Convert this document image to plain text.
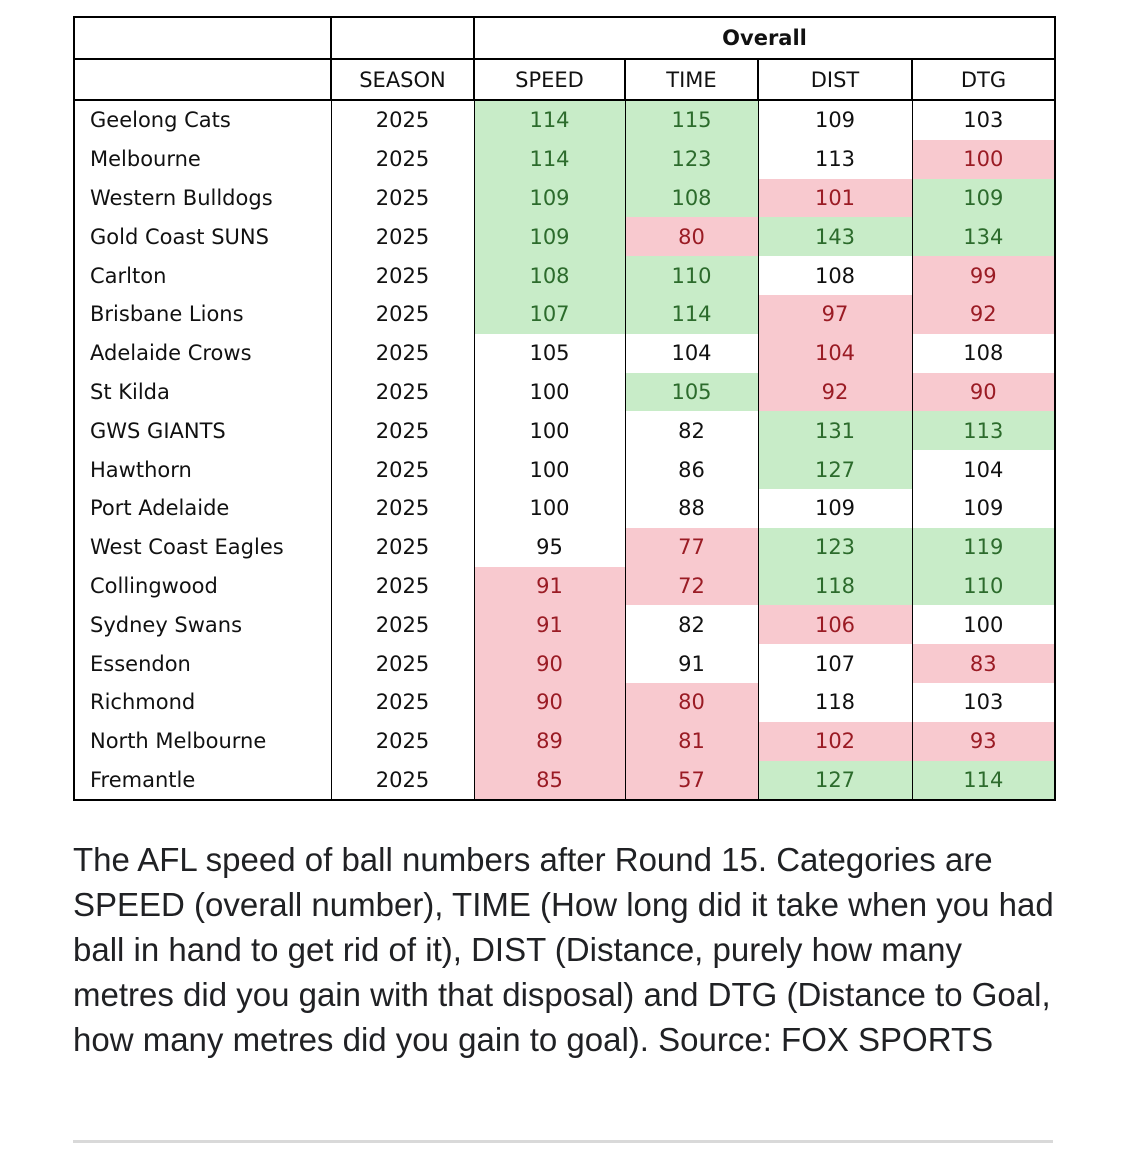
		Overall			
	SEASON	SPEED	TIME	DIST	DTG
Geelong Cats	2025	114	115	109	103
Melbourne	2025	114	123	113	100
Western Bulldogs	2025	109	108	101	109
Gold Coast SUNS	2025	109	80	143	134
Carlton	2025	108	110	108	99
Brisbane Lions	2025	107	114	97	92
Adelaide Crows	2025	105	104	104	108
St Kilda	2025	100	105	92	90
GWS GIANTS	2025	100	82	131	113
Hawthorn	2025	100	86	127	104
Port Adelaide	2025	100	88	109	109
West Coast Eagles	2025	95	77	123	119
Collingwood	2025	91	72	118	110
Sydney Swans	2025	91	82	106	100
Essendon	2025	90	91	107	83
Richmond	2025	90	80	118	103
North Melbourne	2025	89	81	102	93
Fremantle	2025	85	57	127	114

The AFL speed of ball numbers after Round 15. Categories are SPEED (overall number), TIME (How long did it take when you had ball in hand to get rid of it), DIST (Distance, purely how many metres did you gain with that disposal) and DTG (Distance to Goal, how many metres did you gain to goal). Source: FOX SPORTS
